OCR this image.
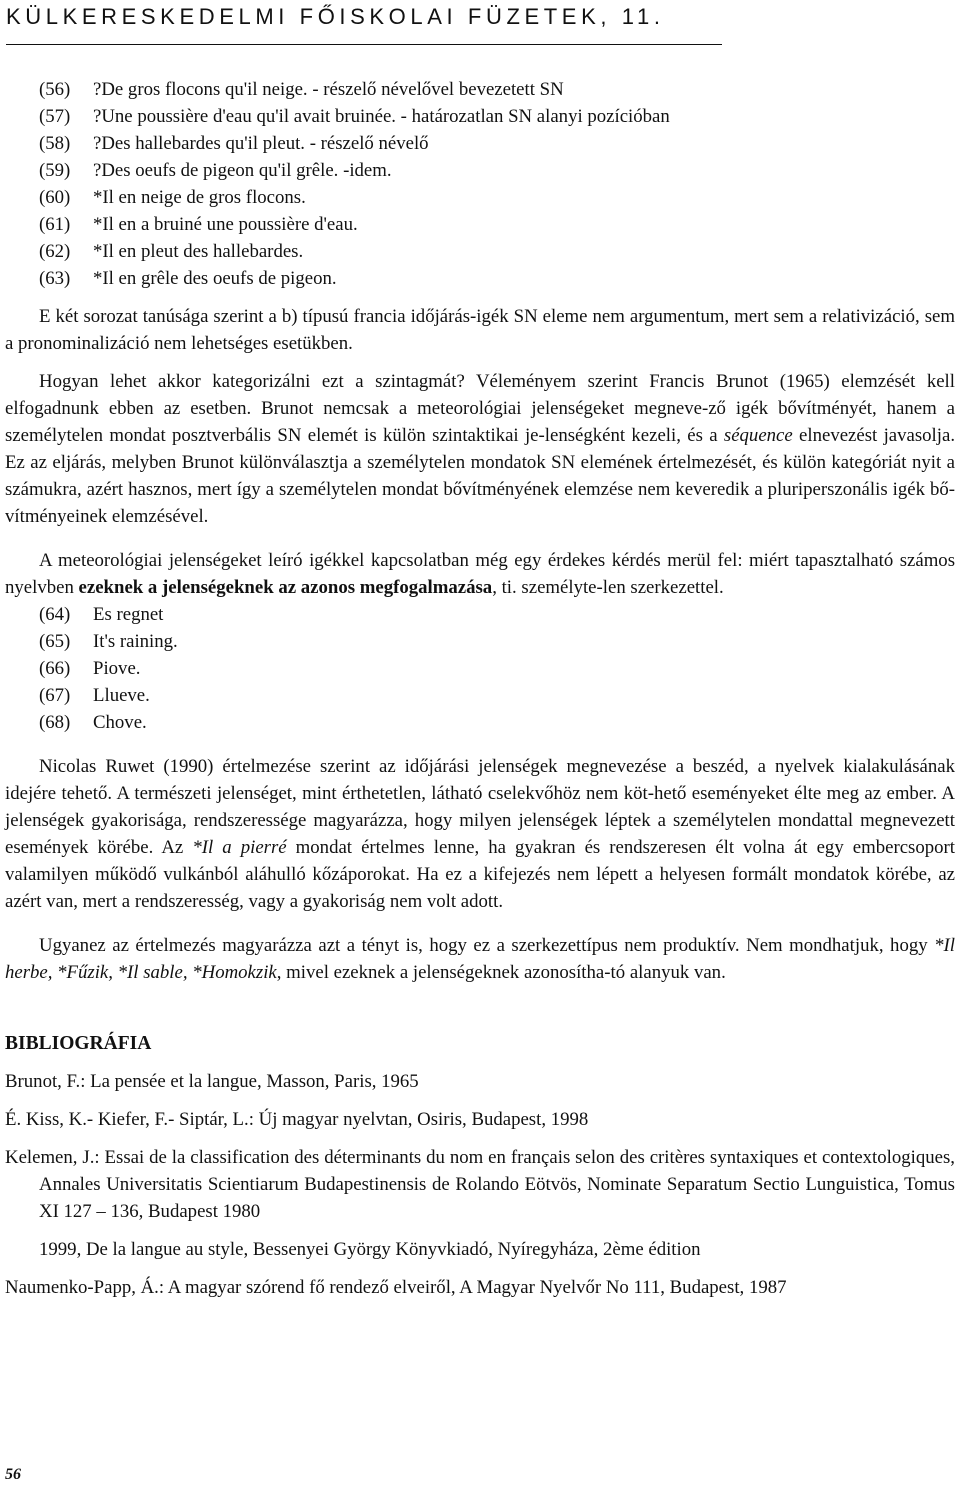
KÜLKERESKEDELMI FŐISKOLAI FÜZETEK, 11.
(56) ?De gros flocons qu'il neige. - részelő névelővel bevezetett SN
(57) ?Une poussière d'eau qu'il avait bruinée. - határozatlan SN alanyi pozícióban
(58) ?Des hallebardes qu'il pleut. - részelő névelő
(59) ?Des oeufs de pigeon qu'il grêle. -idem.
(60) *Il en neige de gros flocons.
(61) *Il en a bruiné une poussière d'eau.
(62) *Il en pleut des hallebardes.
(63) *Il en grêle des oeufs de pigeon.

E két sorozat tanúsága szerint a b) típusú francia időjárás-igék SN eleme nem argumentum, mert sem a relativizáció, sem a pronominalizáció nem lehetséges esetükben.

Hogyan lehet akkor kategorizálni ezt a szintagmát? Véleményem szerint Francis Brunot (1965) elemzését kell elfogadnunk ebben az esetben. Brunot nemcsak a meteorológiai jelenségeket megneve-ző igék bővítményét, hanem a személytelen mondat posztverbális SN elemét is külön szintaktikai je-lenségként kezeli, és a séquence elnevezést javasolja. Ez az eljárás, melyben Brunot különválasztja a személytelen mondatok SN elemének értelmezését, és külön kategóriát nyit a számukra, azért hasznos, mert így a személytelen mondat bővítményének elemzése nem keveredik a pluriperszonális igék bő-vítményeinek elemzésével.

A meteorológiai jelenségeket leíró igékkel kapcsolatban még egy érdekes kérdés merül fel: miért tapasztalható számos nyelvben ezeknek a jelenségeknek az azonos megfogalmazása, ti. személyte-len szerkezettel.

(64) Es regnet
(65) It's raining.
(66) Piove.
(67) Llueve.
(68) Chove.

Nicolas Ruwet (1990) értelmezése szerint az időjárási jelenségek megnevezése a beszéd, a nyelvek kialakulásának idejére tehető. A természeti jelenséget, mint érthetetlen, látható cselekvőhöz nem köt-hető eseményeket élte meg az ember. A jelenségek gyakorisága, rendszeressége magyarázza, hogy milyen jelenségek léptek a személytelen mondattal megnevezett események körébe. Az *Il a pierré mondat értelmes lenne, ha gyakran és rendszeresen élt volna át egy embercsoport valamilyen működő vulkánból aláhulló kőzáporokat. Ha ez a kifejezés nem lépett a helyesen formált mondatok körébe, az azért van, mert a rendszeresség, vagy a gyakoriság nem volt adott.

Ugyanez az értelmezés magyarázza azt a tényt is, hogy ez a szerkezettípus nem produktív. Nem mondhatjuk, hogy *Il herbe, *Fűzik, *Il sable, *Homokzik, mivel ezeknek a jelenségeknek azonosítha-tó alanyuk van.

BIBLIOGRÁFIA

Brunot, F.: La pensée et la langue, Masson, Paris, 1965

É. Kiss, K.- Kiefer, F.- Siptár, L.: Új magyar nyelvtan, Osiris, Budapest, 1998

Kelemen, J.: Essai de la classification des déterminants du nom en français selon des critères syntaxiques et contextologiques, Annales Universitatis Scientiarum Budapestinensis de Rolando Eötvös, Nominate Separatum Sectio Lunguistica, Tomus XI 127 – 136, Budapest 1980

1999, De la langue au style, Bessenyei György Könyvkiadó, Nyíregyháza, 2ème édition

Naumenko-Papp, Á.: A magyar szórend fő rendező elveiről, A Magyar Nyelvőr No 111, Budapest, 1987

56
